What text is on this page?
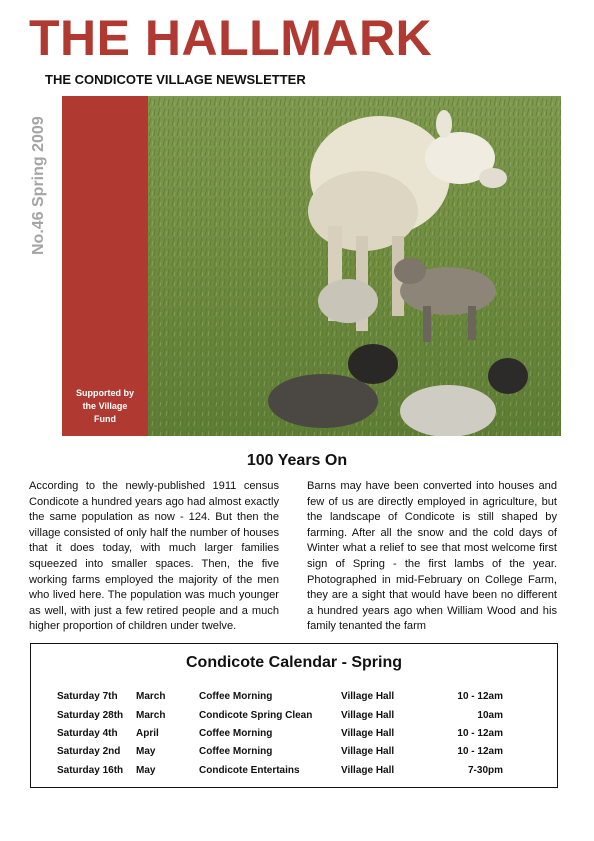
THE HALLMARK
THE CONDICOTE VILLAGE NEWSLETTER
No.46 Spring 2009
Supported by
the Village
Fund
100 Years On
According to the newly-published 1911 census Condicote a hundred years ago had almost exactly the same population as now - 124. But then the village consisted of only half the number of houses that it does today, with much larger families squeezed into smaller spaces. Then, the five working farms employed the majority of the men who lived here. The population was much younger as well, with just a few retired people and a much higher proportion of children under twelve.
Barns may have been converted into houses and few of us are directly employed in agriculture, but the landscape of Condicote is still shaped by farming. After all the snow and the cold days of Winter what a relief to see that most welcome first sign of Spring - the first lambs of the year. Photographed in mid-February on College Farm, they are a sight that would have been no different a hundred years ago when William Wood and his family tenanted the farm
Condicote Calendar - Spring
Saturday 7th March	Coffee Morning	Village Hall	10 - 12am
Saturday 28th March	Condicote Spring Clean	Village Hall	10am
Saturday 4th April	Coffee Morning	Village Hall	10 - 12am
Saturday 2nd May	Coffee Morning	Village Hall	10 - 12am
Saturday 16th May	Condicote Entertains	Village Hall	7-30pm
